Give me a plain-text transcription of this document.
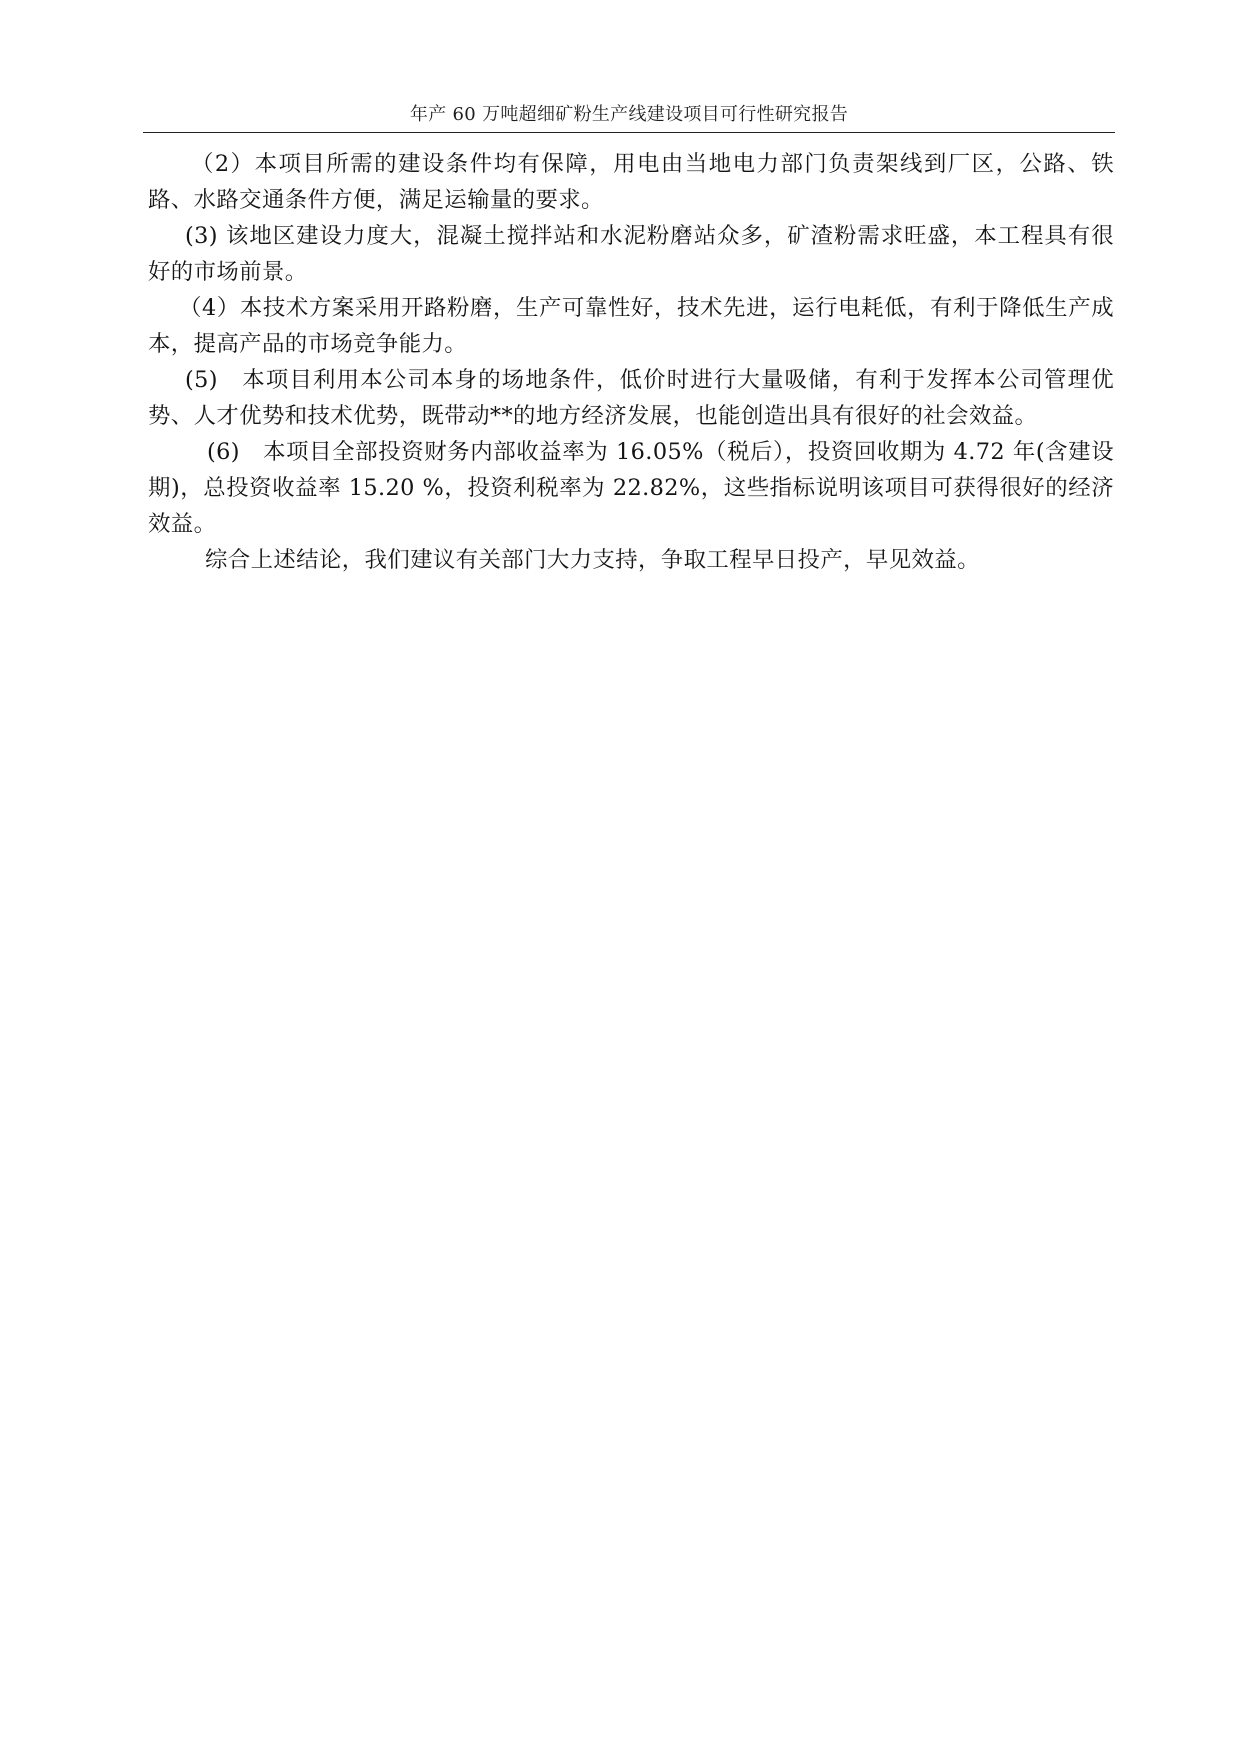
年产 60 万吨超细矿粉生产线建设项目可行性研究报告

（2）本项目所需的建设条件均有保障，用电由当地电力部门负责架线到厂区，公路、铁路、水路交通条件方便，满足运输量的要求。

(3) 该地区建设力度大，混凝土搅拌站和水泥粉磨站众多，矿渣粉需求旺盛，本工程具有很好的市场前景。

（4）本技术方案采用开路粉磨，生产可靠性好，技术先进，运行电耗低，有利于降低生产成本，提高产品的市场竞争能力。

(5)　本项目利用本公司本身的场地条件，低价时进行大量吸储，有利于发挥本公司管理优势、人才优势和技术优势，既带动**的地方经济发展，也能创造出具有很好的社会效益。

(6)　本项目全部投资财务内部收益率为 16.05%（税后），投资回收期为 4.72 年(含建设期)，总投资收益率 15.20 %，投资利税率为 22.82%，这些指标说明该项目可获得很好的经济效益。

综合上述结论，我们建议有关部门大力支持，争取工程早日投产，早见效益。
